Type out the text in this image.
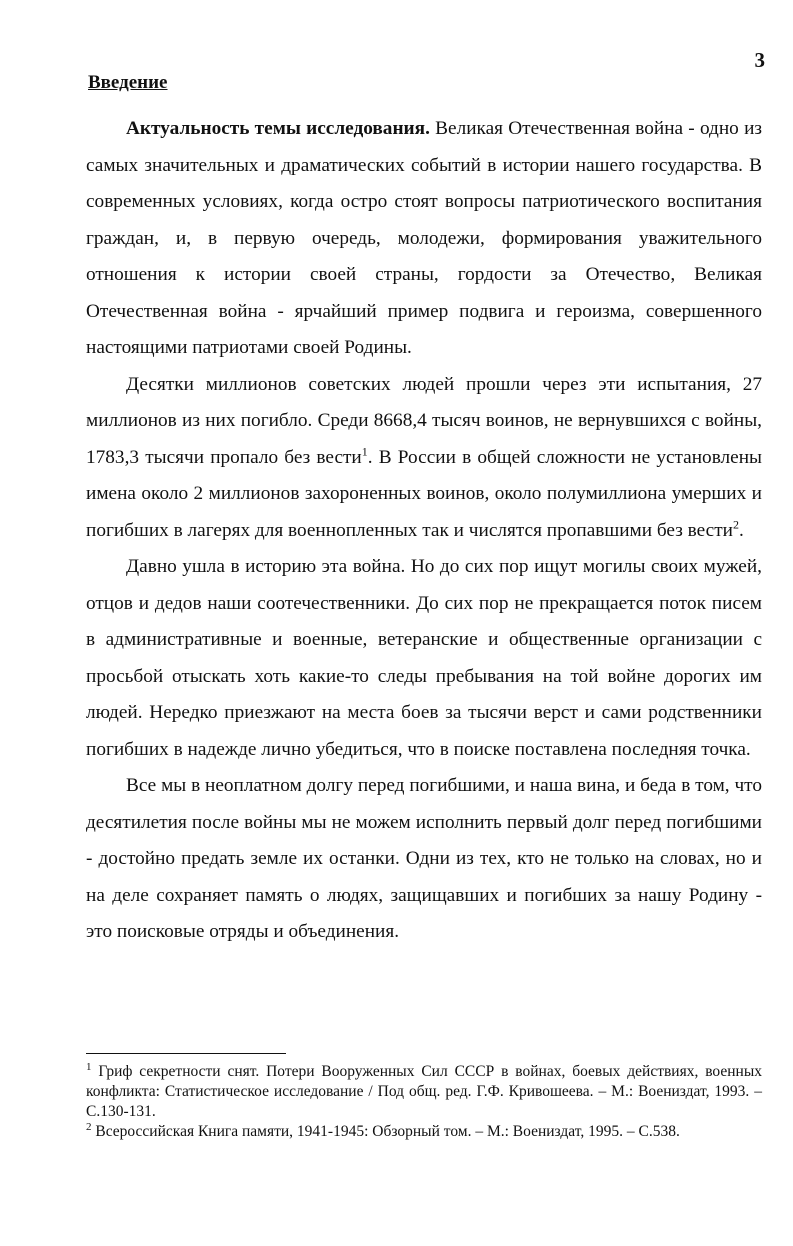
3
Введение

Актуальность темы исследования. Великая Отечественная война - одно из самых значительных и драматических событий в истории нашего государства. В современных условиях, когда остро стоят вопросы патриотического воспитания граждан, и, в первую очередь, молодежи, формирования уважительного отношения к истории своей страны, гордости за Отечество, Великая Отечественная война - ярчайший пример подвига и героизма, совершенного настоящими патриотами своей Родины.

Десятки миллионов советских людей прошли через эти испытания, 27 миллионов из них погибло. Среди 8668,4 тысяч воинов, не вернувшихся с войны, 1783,3 тысячи пропало без вести$^1$. В России в общей сложности не установлены имена около 2 миллионов захороненных воинов, около полумиллиона умерших и погибших в лагерях для военнопленных так и числятся пропавшими без вести$^2$.

Давно ушла в историю эта война. Но до сих пор ищут могилы своих мужей, отцов и дедов наши соотечественники. До сих пор не прекращается поток писем в административные и военные, ветеранские и общественные организации с просьбой отыскать хоть какие-то следы пребывания на той войне дорогих им людей. Нередко приезжают на места боев за тысячи верст и сами родственники погибших в надежде лично убедиться, что в поиске поставлена последняя точка.

Все мы в неоплатном долгу перед погибшими, и наша вина, и беда в том, что десятилетия после войны мы не можем исполнить первый долг перед погибшими - достойно предать земле их останки. Одни из тех, кто не только на словах, но и на деле сохраняет память о людях, защищавших и погибших за нашу Родину - это поисковые отряды и объединения.

$^1$ Гриф секретности снят. Потери Вооруженных Сил СССР в войнах, боевых действиях, военных конфликта: Статистическое исследование / Под общ. ред. Г.Ф. Кривошеева. – М.: Воениздат, 1993. – С.130-131.

$^2$ Всероссийская Книга памяти, 1941-1945: Обзорный том. – М.: Воениздат, 1995. – С.538.
